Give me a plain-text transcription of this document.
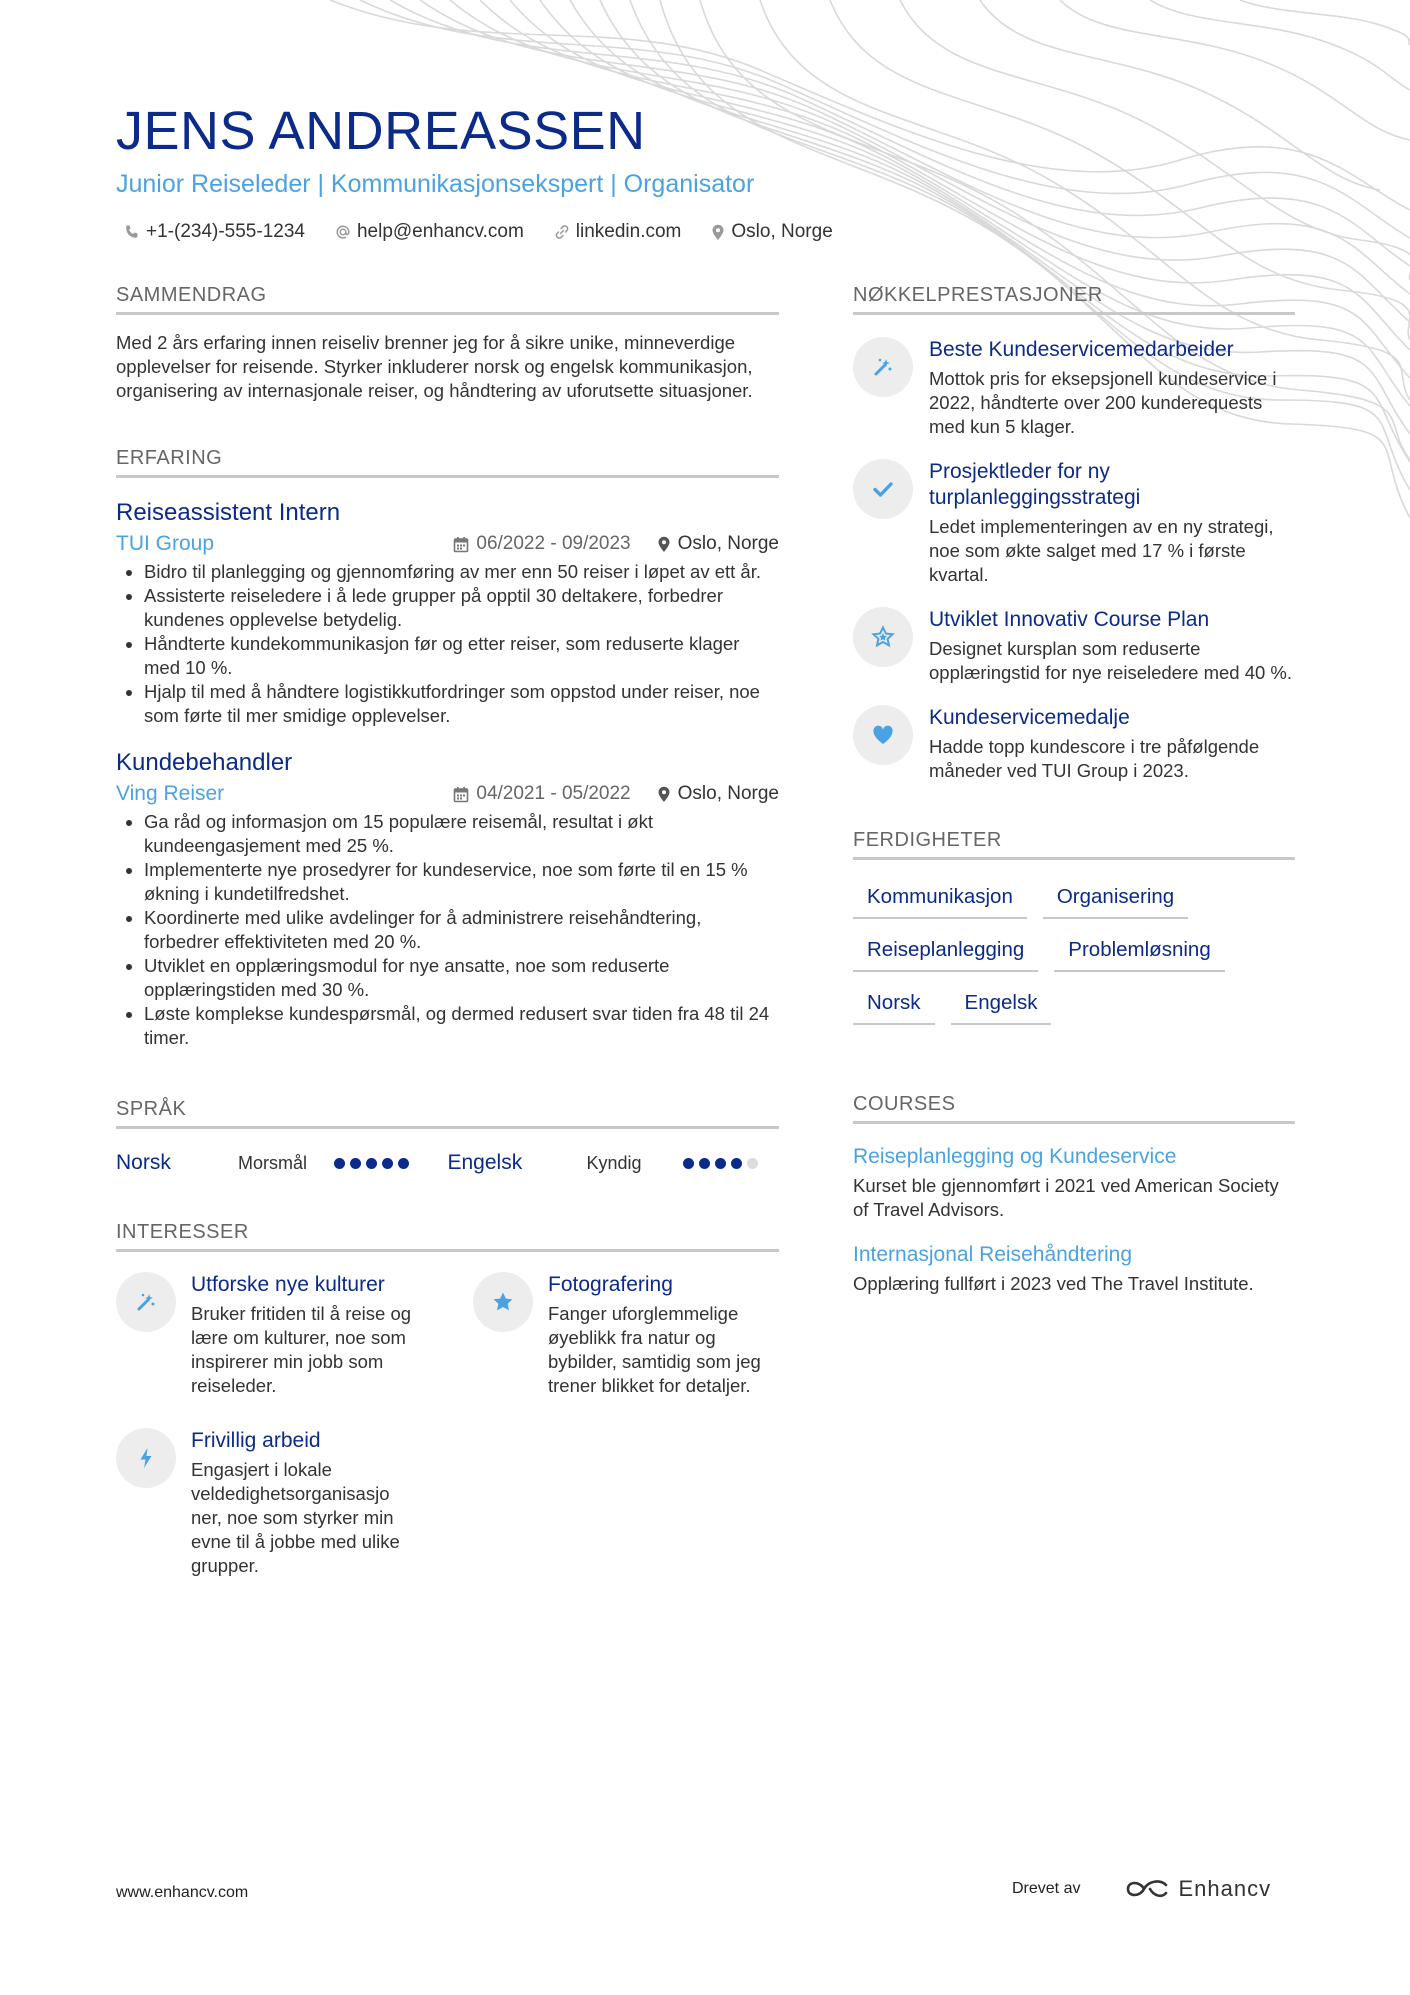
JENS ANDREASSEN
Junior Reiseleder | Kommunikasjonsekspert | Organisator
+1-(234)-555-1234	help@enhancv.com	linkedin.com	Oslo, Norge
SAMMENDRAG
Med 2 års erfaring innen reiseliv brenner jeg for å sikre unike, minneverdige opplevelser for reisende. Styrker inkluderer norsk og engelsk kommunikasjon, organisering av internasjonale reiser, og håndtering av uforutsette situasjoner.
ERFARING
Reiseassistent Intern
TUI Group	06/2022 - 09/2023 Oslo, Norge
• Bidro til planlegging og gjennomføring av mer enn 50 reiser i løpet av ett år.
• Assisterte reiseledere i å lede grupper på opptil 30 deltakere, forbedrer kundenes opplevelse betydelig.
• Håndterte kundekommunikasjon før og etter reiser, som reduserte klager med 10 %.
• Hjalp til med å håndtere logistikkutfordringer som oppstod under reiser, noe som førte til mer smidige opplevelser.
Kundebehandler
Ving Reiser	04/2021 - 05/2022 Oslo, Norge
• Ga råd og informasjon om 15 populære reisemål, resultat i økt kundeengasjement med 25 %.
• Implementerte nye prosedyrer for kundeservice, noe som førte til en 15 % økning i kundetilfredshet.
• Koordinerte med ulike avdelinger for å administrere reisehåndtering, forbedrer effektiviteten med 20 %.
• Utviklet en opplæringsmodul for nye ansatte, noe som reduserte opplæringstiden med 30 %.
• Løste komplekse kundespørsmål, og dermed redusert svar tiden fra 48 til 24 timer.
SPRÅK
Norsk	Morsmål	Engelsk	Kyndig
INTERESSER
Utforske nye kulturer
Bruker fritiden til å reise og lære om kulturer, noe som inspirerer min jobb som reiseleder.
Fotografering
Fanger uforglemmelige øyeblikk fra natur og bybilder, samtidig som jeg trener blikket for detaljer.
Frivillig arbeid
Engasjert i lokale veldedighetsorganisasjo ner, noe som styrker min evne til å jobbe med ulike grupper.
NØKKELPRESTASJONER
Beste Kundeservicemedarbeider
Mottok pris for eksepsjonell kundeservice i 2022, håndterte over 200 kunderequests med kun 5 klager.
Prosjektleder for ny turplanleggingsstrategi
Ledet implementeringen av en ny strategi, noe som økte salget med 17 % i første kvartal.
Utviklet Innovativ Course Plan
Designet kursplan som reduserte opplæringstid for nye reiseledere med 40 %.
Kundeservicemedalje
Hadde topp kundescore i tre påfølgende måneder ved TUI Group i 2023.
FERDIGHETER
Kommunikasjon	Organisering
Reiseplanlegging	Problemløsning
Norsk	Engelsk
COURSES
Reiseplanlegging og Kundeservice
Kurset ble gjennomført i 2021 ved American Society of Travel Advisors.
Internasjonal Reisehåndtering
Opplæring fullført i 2023 ved The Travel Institute.
www.enhancv.com	Drevet av	Enhancv
